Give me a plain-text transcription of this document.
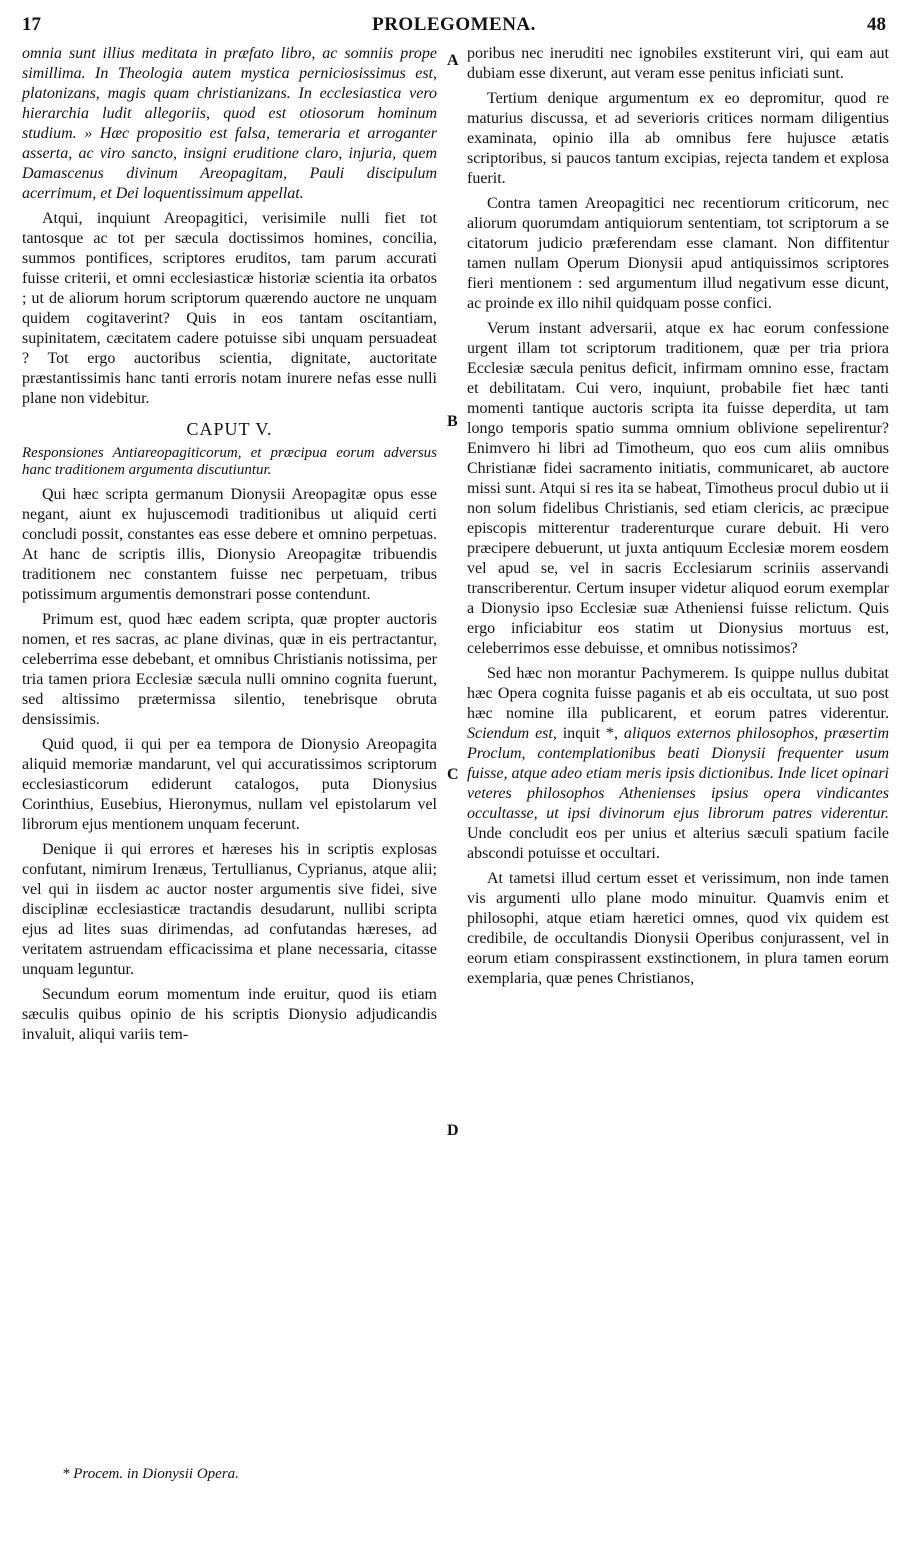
17	PROLEGOMENA.	48

omnia sunt illius meditata in præfato libro, ac somniis prope simillima. In Theologia autem mystica perniciosissimus est, platonizans, magis quam christianizans. In ecclesiastica vero hierarchia ludit allegoriis, quod est otiosorum hominum studium. » Hæc propositio est falsa, temeraria et arroganter asserta, ac viro sancto, insigni eruditione claro, injuria, quem Damascenus divinum Areopagitam, Pauli discipulum acerrimum, et Dei loquentissimum appellat.

Atqui, inquiunt Areopagitici, verisimile nulli fiet tot tantosque ac tot per sæcula doctissimos homines, concilia, summos pontifices, scriptores eruditos, tam parum accurati fuisse criterii, et omni ecclesiasticæ historiæ scientia ita orbatos ; ut de aliorum horum scriptorum quærendo auctore ne unquam quidem cogitaverint? Quis in eos tantam oscitantiam, supinitatem, cæcitatem cadere potuisse sibi unquam persuadeat ? Tot ergo auctoribus scientia, dignitate, auctoritate præstantissimis hanc tanti erroris notam inurere nefas esse nulli plane non videbitur.

CAPUT V.

Responsiones Antiareopagiticorum, et præcipua eorum adversus hanc traditionem argumenta discutiuntur.

Qui hæc scripta germanum Dionysii Areopagitæ opus esse negant, aiunt ex hujuscemodi traditionibus ut aliquid certi concludi possit, constantes eas esse debere et omnino perpetuas. At hanc de scriptis illis, Dionysio Areopagitæ tribuendis traditionem nec constantem fuisse nec perpetuam, tribus potissimum argumentis demonstrari posse contendunt.

Primum est, quod hæc eadem scripta, quæ propter auctoris nomen, et res sacras, ac plane divinas, quæ in eis pertractantur, celeberrima esse debebant, et omnibus Christianis notissima, per tria tamen priora Ecclesiæ sæcula nulli omnino cognita fuerunt, sed altissimo prætermissa silentio, tenebrisque obruta densissimis.

Quid quod, ii qui per ea tempora de Dionysio Areopagita aliquid memoriæ mandarunt, vel qui accuratissimos scriptorum ecclesiasticorum ediderunt catalogos, puta Dionysius Corinthius, Eusebius, Hieronymus, nullam vel epistolarum vel librorum ejus mentionem unquam fecerunt.

Denique ii qui errores et hæreses his in scriptis explosas confutant, nimirum Irenæus, Tertullianus, Cyprianus, atque alii; vel qui in iisdem ac auctor noster argumentis sive fidei, sive disciplinæ ecclesiasticæ tractandis desudarunt, nullibi scripta ejus ad lites suas dirimendas, ad confutandas hæreses, ad veritatem astruendam efficacissima et plane necessaria, citasse unquam leguntur.

Secundum eorum momentum inde eruitur, quod iis etiam sæculis quibus opinio de his scriptis Dionysio adjudicandis invaluit, aliqui variis tem-

A
B
C
D

poribus nec ineruditi nec ignobiles exstiterunt viri, qui eam aut dubiam esse dixerunt, aut veram esse penitus inficiati sunt.

Tertium denique argumentum ex eo depromitur, quod re maturius discussa, et ad severioris critices normam diligentius examinata, opinio illa ab omnibus fere hujusce ætatis scriptoribus, si paucos tantum excipias, rejecta tandem et explosa fuerit.

Contra tamen Areopagitici nec recentiorum criticorum, nec aliorum quorumdam antiquiorum sententiam, tot scriptorum a se citatorum judicio præferendam esse clamant. Non diffitentur tamen nullam Operum Dionysii apud antiquissimos scriptores fieri mentionem : sed argumentum illud negativum esse dicunt, ac proinde ex illo nihil quidquam posse confici.

Verum instant adversarii, atque ex hac eorum confessione urgent illam tot scriptorum traditionem, quæ per tria priora Ecclesiæ sæcula penitus deficit, infirmam omnino esse, fractam et debilitatam. Cui vero, inquiunt, probabile fiet hæc tanti momenti tantique auctoris scripta ita fuisse deperdita, ut tam longo temporis spatio summa omnium oblivione sepelirentur? Enimvero hi libri ad Timotheum, quo eos cum aliis omnibus Christianæ fidei sacramento initiatis, communicaret, ab auctore missi sunt. Atqui si res ita se habeat, Timotheus procul dubio ut ii non solum fidelibus Christianis, sed etiam clericis, ac præcipue episcopis mitterentur traderenturque curare debuit. Hi vero præcipere debuerunt, ut juxta antiquum Ecclesiæ morem eosdem vel apud se, vel in sacris Ecclesiarum scriniis asservandi transcriberentur. Certum insuper videtur aliquod eorum exemplar a Dionysio ipso Ecclesiæ suæ Atheniensi fuisse relictum. Quis ergo inficiabitur eos statim ut Dionysius mortuus est, celeberrimos esse debuisse, et omnibus notissimos?

Sed hæc non morantur Pachymerem. Is quippe nullus dubitat hæc Opera cognita fuisse paganis et ab eis occultata, ut suo post hæc nomine illa publicarent, et eorum patres viderentur. Sciendum est, inquit *, aliquos externos philosophos, præsertim Proclum, contemplationibus beati Dionysii frequenter usum fuisse, atque adeo etiam meris ipsis dictionibus. Inde licet opinari veteres philosophos Athenienses ipsius opera vindicantes occultasse, ut ipsi divinorum ejus librorum patres viderentur. Unde concludit eos per unius et alterius sæculi spatium facile abscondi potuisse et occultari.

At tametsi illud certum esset et verissimum, non inde tamen vis argumenti ullo plane modo minuitur. Quamvis enim et philosophi, atque etiam hæretici omnes, quod vix quidem est credibile, de occultandis Dionysii Operibus conjurassent, vel in eorum etiam conspirassent exstinctionem, in plura tamen eorum exemplaria, quæ penes Christianos,

* Procem. in Dionysii Opera.
